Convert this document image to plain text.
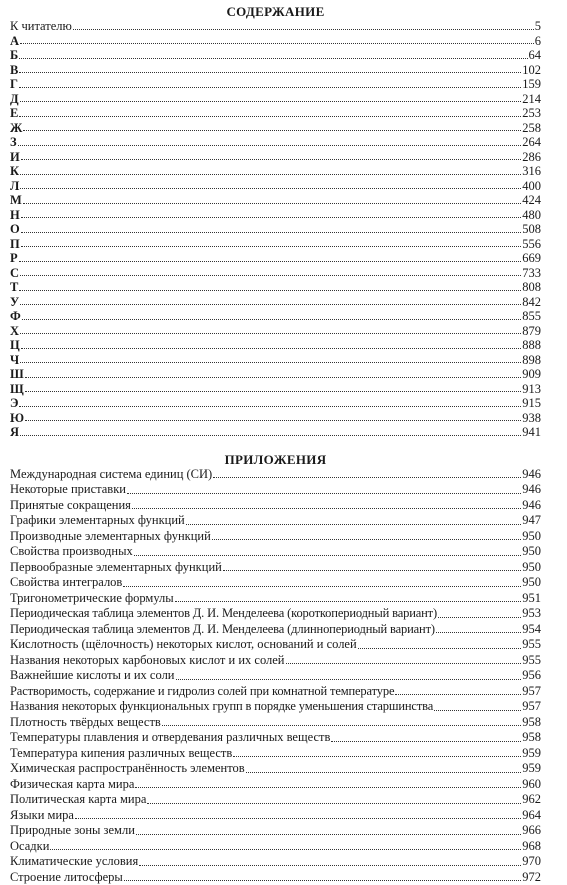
СОДЕРЖАНИЕ
К читателю	5
А	6
Б	64
В	102
Г	159
Д	214
Е	253
Ж	258
З	264
И	286
К	316
Л	400
М	424
Н	480
О	508
П	556
Р	669
С	733
Т	808
У	842
Ф	855
Х	879
Ц	888
Ч	898
Ш	909
Щ	913
Э	915
Ю	938
Я	941
ПРИЛОЖЕНИЯ
Международная система единиц (СИ)	946
Некоторые приставки	946
Принятые сокращения	946
Графики элементарных функций	947
Производные элементарных функций	950
Свойства производных	950
Первообразные элементарных функций	950
Свойства интегралов	950
Тригонометрические формулы	951
Периодическая таблица элементов Д. И. Менделеева (короткопериодный вариант)	953
Периодическая таблица элементов Д. И. Менделеева (длиннопериодный вариант)	954
Кислотность (щёлочность) некоторых кислот, оснований и солей	955
Названия некоторых карбоновых кислот и их солей	955
Важнейшие кислоты и их соли	956
Растворимость, содержание и гидролиз солей при комнатной температуре	957
Названия некоторых функциональных групп в порядке уменьшения старшинства	957
Плотность твёрдых веществ	958
Температуры плавления и отвердевания различных веществ	958
Температура кипения различных веществ	959
Химическая распространённость элементов	959
Физическая карта мира	960
Политическая карта мира	962
Языки мира	964
Природные зоны земли	966
Осадки	968
Климатические условия	970
Строение литосферы	972
